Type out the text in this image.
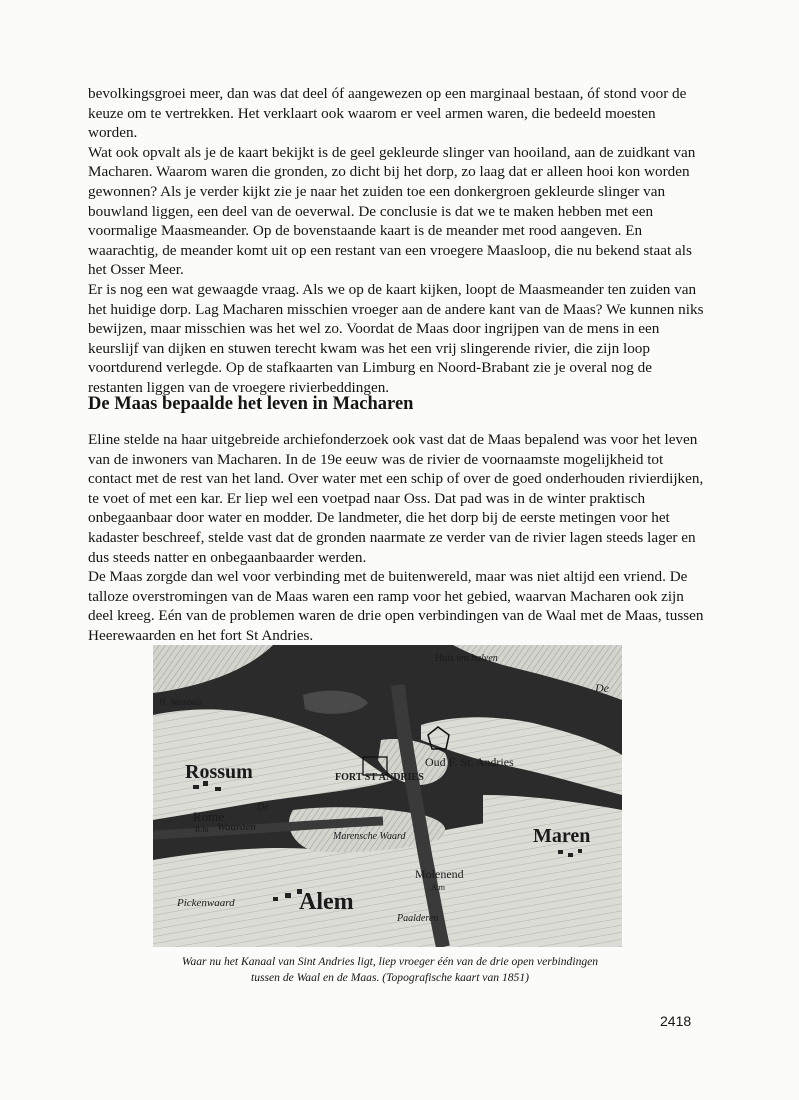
bevolkingsgroei meer, dan was dat deel óf aangewezen op een marginaal bestaan, óf stond voor de keuze om te vertrekken. Het verklaart ook waarom er veel armen waren, die bedeeld moesten worden.

Wat ook opvalt als je de kaart bekijkt is de geel gekleurde slinger van hooiland, aan de zuidkant van Macharen. Waarom waren die gronden, zo dicht bij het dorp, zo laag dat er alleen hooi kon worden gewonnen? Als je verder kijkt zie je naar het zuiden toe een donkergroen gekleurde slinger van bouwland liggen, een deel van de oeverwal. De conclusie is dat we te maken hebben met een voormalige Maasmeander. Op de bovenstaande kaart is de meander met rood aangeven. En waarachtig, de meander komt uit op een restant van een vroegere Maasloop, die nu bekend staat als het Osser Meer.

Er is nog een wat gewaagde vraag. Als we op de kaart kijken, loopt de Maasmeander ten zuiden van het huidige dorp. Lag Macharen misschien vroeger aan de andere kant van de Maas? We kunnen niks bewijzen, maar misschien was het wel zo. Voordat de Maas door ingrijpen van de mens in een keurslijf van dijken en stuwen terecht kwam was het een vrij slingerende rivier, die zijn loop voortdurend verlegde. Op de stafkaarten van Limburg en Noord-Brabant zie je overal nog de restanten liggen van de vroegere rivierbeddingen.

De Maas bepaalde het leven in Macharen

Eline stelde na haar uitgebreide archiefonderzoek ook vast dat de Maas bepalend was voor het leven van de inwoners van Macharen. In de 19e eeuw was de rivier de voornaamste mogelijkheid tot contact met de rest van het land. Over water met een schip of over de goed onderhouden rivierdijken, te voet of met een kar. Er liep wel een voetpad naar Oss. Dat pad was in de winter praktisch onbegaanbaar door water en modder. De landmeter, die het dorp bij de eerste metingen voor het kadaster beschreef, stelde vast dat de gronden naarmate ze verder van de rivier lagen steeds lager en dus steeds natter en onbegaanbaarder werden.

De Maas zorgde dan wel voor verbinding met de buitenwereld, maar was niet altijd een vriend. De talloze overstromingen van de Maas waren een ramp voor het gebied, waarvan Macharen ook zijn deel kreeg. Eén van de problemen waren de drie open verbindingen van de Waal met de Maas, tussen Heerewaarden en het fort St Andries.

Huis ten halven
H. Wambuis
De
Oud F. St. Andries
Rossum	FORT ST ANDRIES
Rome
R.m
De
Waarden
Marensche Waard	Maren
Molenend
A.m
Alem
Pickenwaard
Paalderen

Waar nu het Kanaal van Sint Andries ligt, liep vroeger één van de drie open verbindingen

tussen de Waal en de Maas. (Topografische kaart van 1851)

2418
